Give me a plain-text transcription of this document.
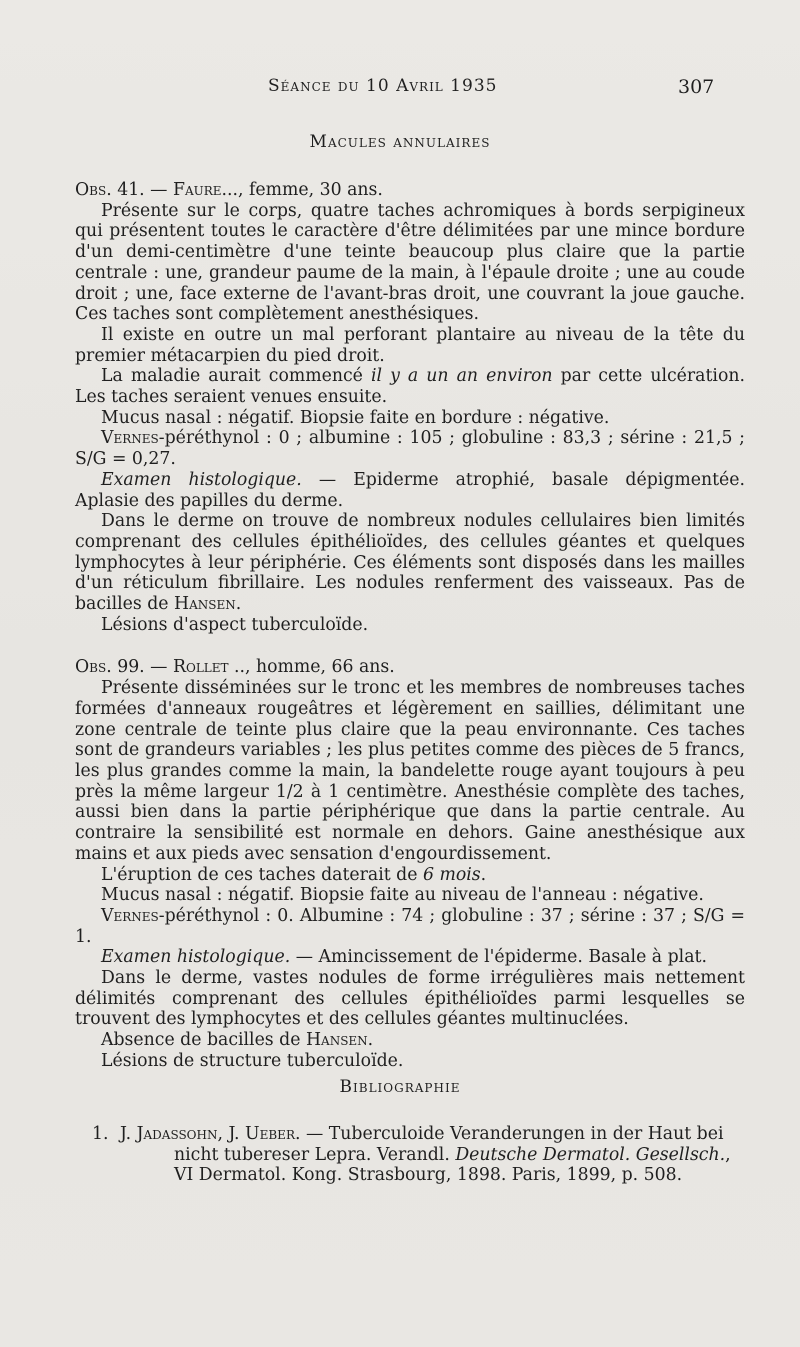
Séance du 10 Avril 1935	307
Macules annulaires

Obs. 41. — Faure..., femme, 30 ans.

Présente sur le corps, quatre taches achromiques à bords serpigineux qui présentent toutes le caractère d'être délimitées par une mince bordure d'un demi-centimètre d'une teinte beaucoup plus claire que la partie centrale : une, grandeur paume de la main, à l'épaule droite ; une au coude droit ; une, face externe de l'avant-bras droit, une couvrant la joue gauche. Ces taches sont complètement anesthésiques.

Il existe en outre un mal perforant plantaire au niveau de la tête du premier métacarpien du pied droit.

La maladie aurait commencé il y a un an environ par cette ulcération. Les taches seraient venues ensuite.

Mucus nasal : négatif. Biopsie faite en bordure : négative.

Vernes-péréthynol : 0 ; albumine : 105 ; globuline : 83,3 ; sérine : 21,5 ; S/G = 0,27.

Examen histologique. — Epiderme atrophié, basale dépigmentée. Aplasie des papilles du derme.

Dans le derme on trouve de nombreux nodules cellulaires bien limités comprenant des cellules épithélioïdes, des cellules géantes et quelques lymphocytes à leur périphérie. Ces éléments sont disposés dans les mailles d'un réticulum fibrillaire. Les nodules renferment des vaisseaux. Pas de bacilles de Hansen.

Lésions d'aspect tuberculoïde.

Obs. 99. — Rollet .., homme, 66 ans.

Présente disséminées sur le tronc et les membres de nombreuses taches formées d'anneaux rougeâtres et légèrement en saillies, délimitant une zone centrale de teinte plus claire que la peau environnante. Ces taches sont de grandeurs variables ; les plus petites comme des pièces de 5 francs, les plus grandes comme la main, la bandelette rouge ayant toujours à peu près la même largeur 1/2 à 1 centimètre. Anesthésie complète des taches, aussi bien dans la partie périphérique que dans la partie centrale. Au contraire la sensibilité est normale en dehors. Gaine anesthésique aux mains et aux pieds avec sensation d'engourdissement.

L'éruption de ces taches daterait de 6 mois.

Mucus nasal : négatif. Biopsie faite au niveau de l'anneau : négative.

Vernes-péréthynol : 0. Albumine : 74 ; globuline : 37 ; sérine : 37 ; S/G = 1.

Examen histologique. — Amincissement de l'épiderme. Basale à plat.

Dans le derme, vastes nodules de forme irrégulières mais nettement délimités comprenant des cellules épithélioïdes parmi lesquelles se trouvent des lymphocytes et des cellules géantes multinuclées.

Absence de bacilles de Hansen.

Lésions de structure tuberculoïde.

Bibliographie
1. J. Jadassohn, J. Ueber. — Tuberculoide Veranderungen in der Haut bei nicht tubereser Lepra. Verandl. Deutsche Dermatol. Gesellsch., VI Dermatol. Kong. Strasbourg, 1898. Paris, 1899, p. 508.
